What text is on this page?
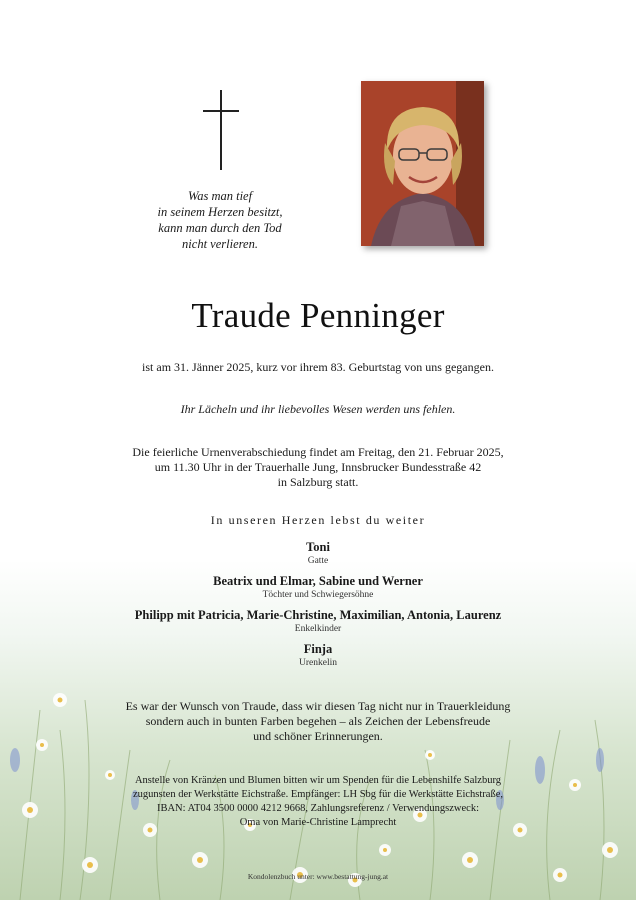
Was man tief
in seinem Herzen besitzt,
kann man durch den Tod
nicht verlieren.
Traude Penninger
ist am 31. Jänner 2025, kurz vor ihrem 83. Geburtstag von uns gegangen.
Ihr Lächeln und ihr liebevolles Wesen werden uns fehlen.
Die feierliche Urnenverabschiedung findet am Freitag, den 21. Februar 2025,
um 11.30 Uhr in der Trauerhalle Jung, Innsbrucker Bundesstraße 42
in Salzburg statt.
In unseren Herzen lebst du weiter
Toni
Gatte
Beatrix und Elmar, Sabine und Werner
Töchter und Schwiegersöhne
Philipp mit Patricia, Marie-Christine, Maximilian, Antonia, Laurenz
Enkelkinder
Finja
Urenkelin
Es war der Wunsch von Traude, dass wir diesen Tag nicht nur in Trauerkleidung
sondern auch in bunten Farben begehen – als Zeichen der Lebensfreude
und schöner Erinnerungen.
Anstelle von Kränzen und Blumen bitten wir um Spenden für die Lebenshilfe Salzburg
zugunsten der Werkstätte Eichstraße. Empfänger: LH Sbg für die Werkstätte Eichstraße,
IBAN: AT04 3500 0000 4212 9668, Zahlungsreferenz / Verwendungszweck:
Oma von Marie-Christine Lamprecht
Kondolenzbuch unter: www.bestattung-jung.at
